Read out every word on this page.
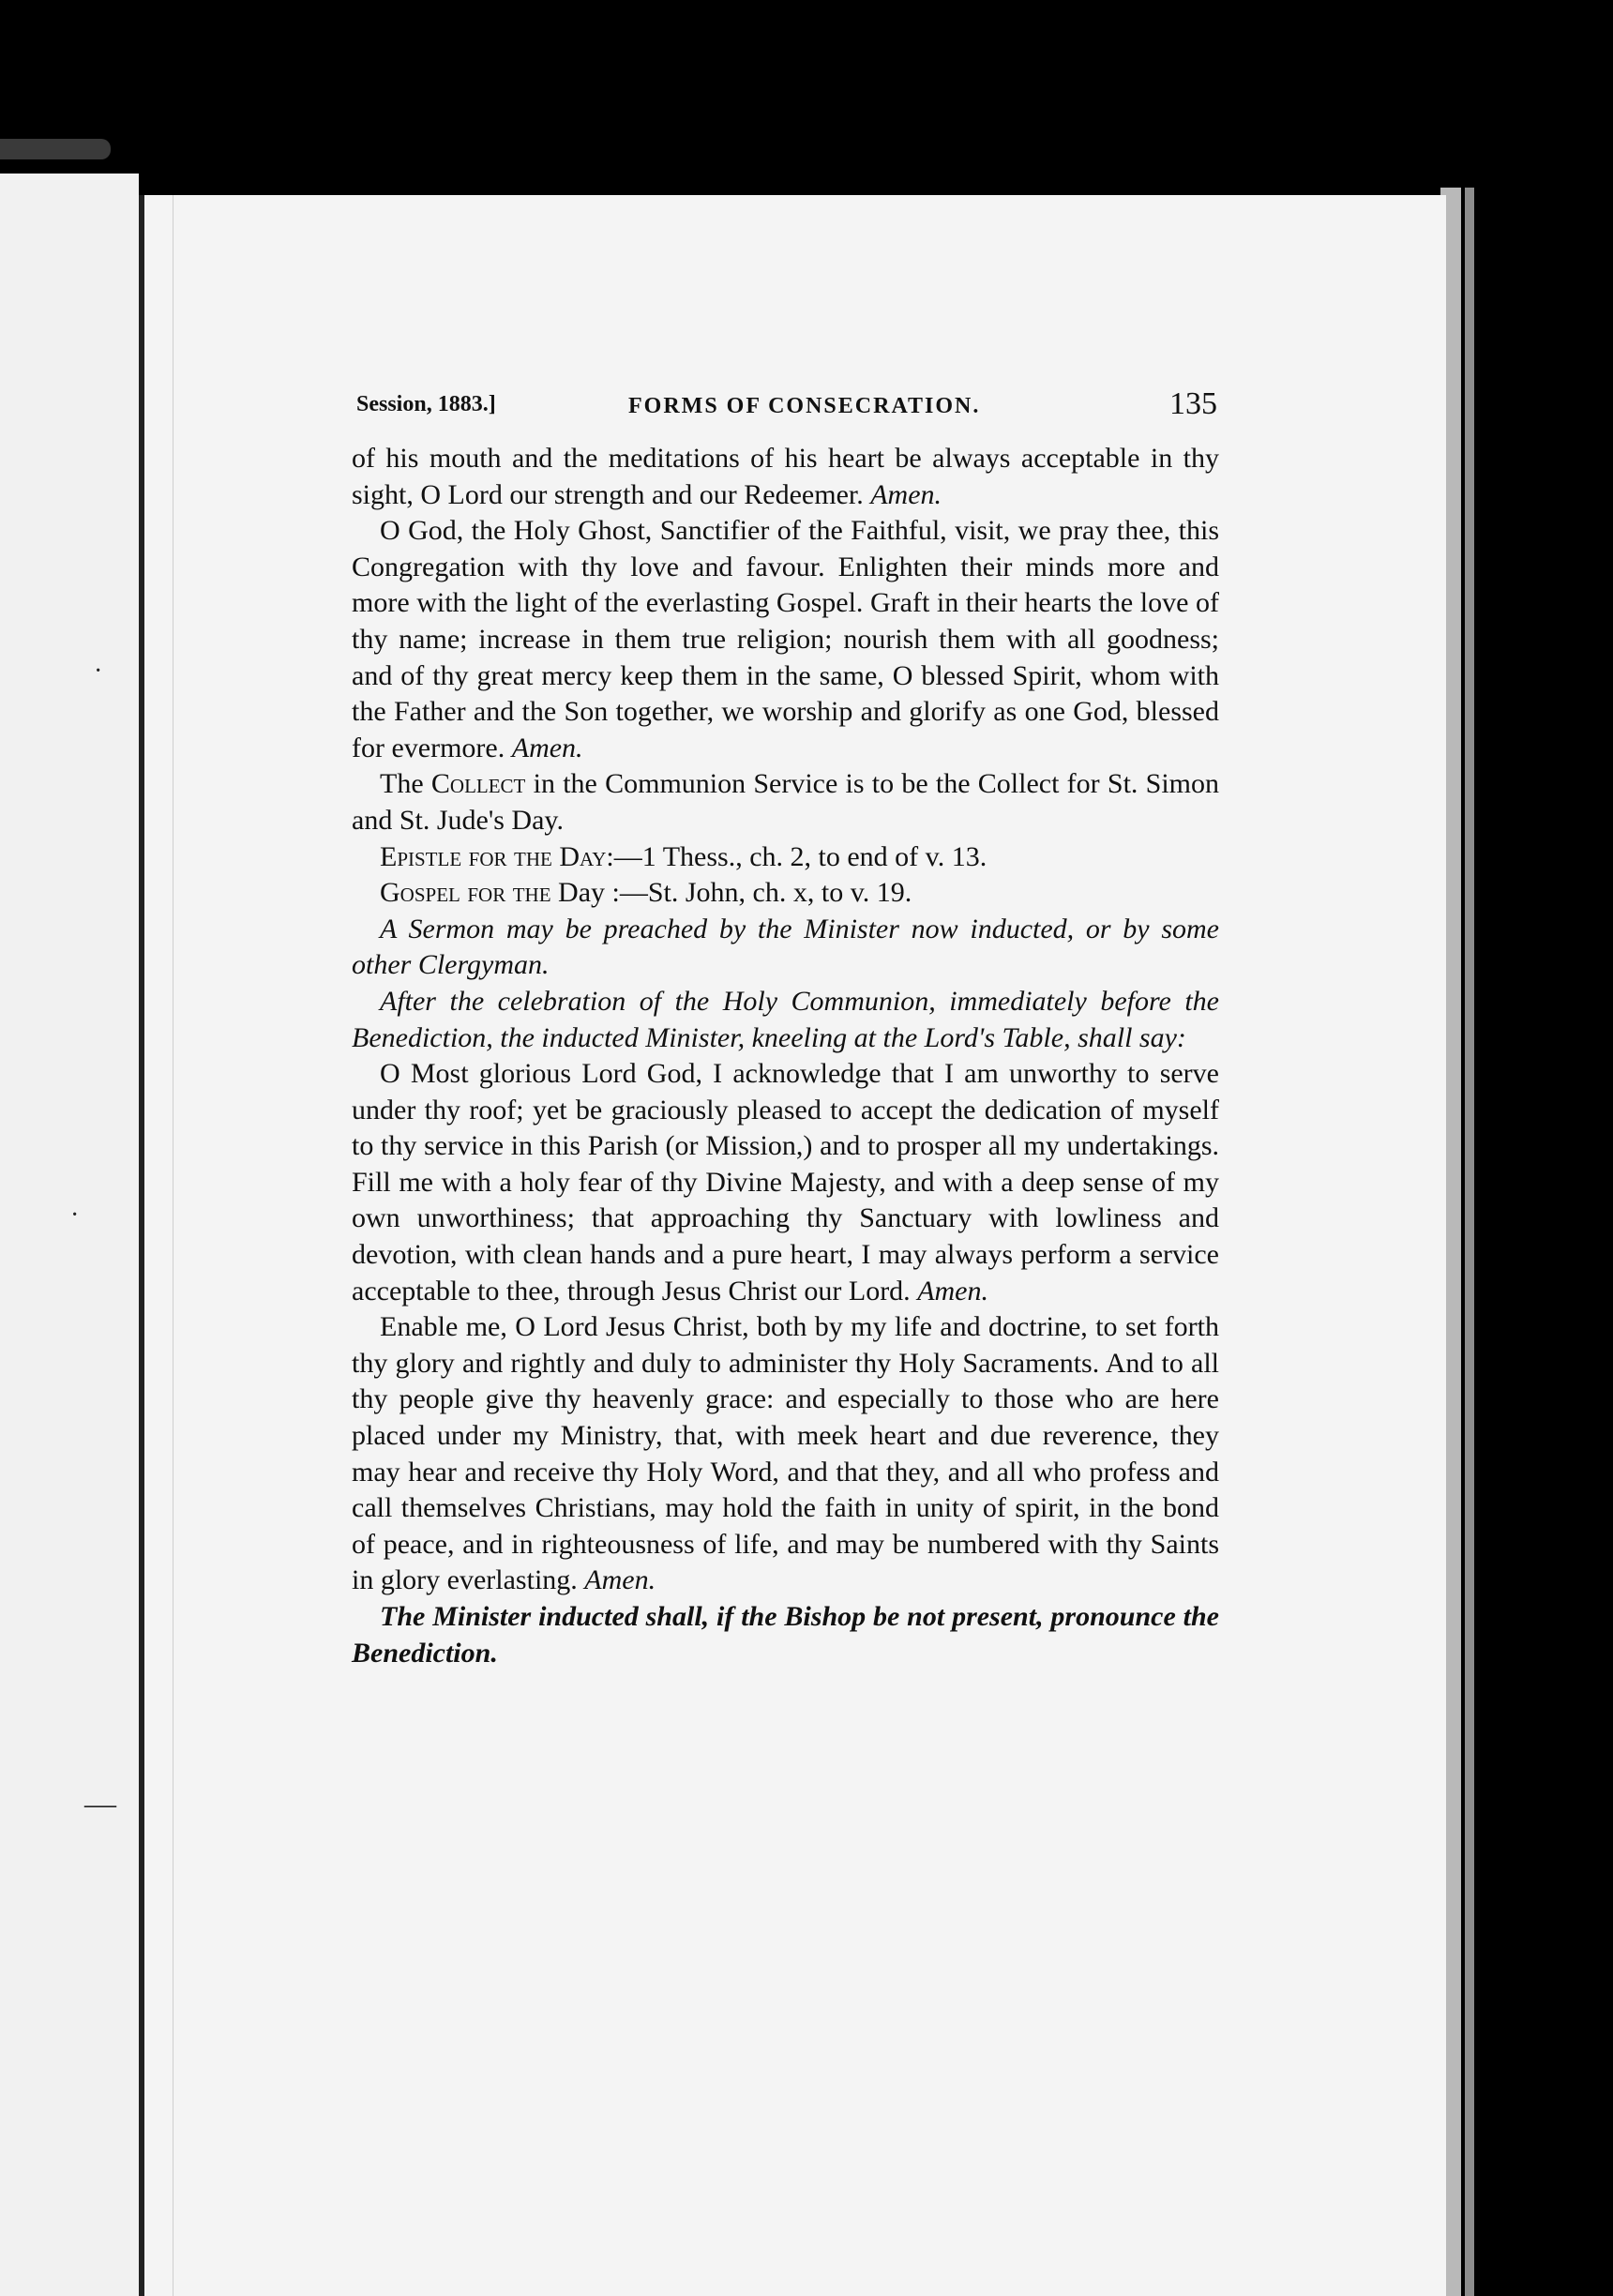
Session, 1883.]	FORMS OF CONSECRATION.	135

of his mouth and the meditations of his heart be always acceptable in thy sight, O Lord our strength and our Redeemer. Amen.

O God, the Holy Ghost, Sanctifier of the Faithful, visit, we pray thee, this Congregation with thy love and favour. Enlighten their minds more and more with the light of the everlasting Gospel. Graft in their hearts the love of thy name; increase in them true religion; nourish them with all goodness; and of thy great mercy keep them in the same, O blessed Spirit, whom with the Father and the Son together, we worship and glorify as one God, blessed for evermore. Amen.

The Collect in the Communion Service is to be the Collect for St. Simon and St. Jude's Day.

Epistle for the Day:—1 Thess., ch. 2, to end of v. 13.

Gospel for the Day :—St. John, ch. x, to v. 19.

A Sermon may be preached by the Minister now inducted, or by some other Clergyman.

After the celebration of the Holy Communion, immediately before the Benediction, the inducted Minister, kneeling at the Lord's Table, shall say:

O Most glorious Lord God, I acknowledge that I am unworthy to serve under thy roof; yet be graciously pleased to accept the dedication of myself to thy service in this Parish (or Mission,) and to prosper all my undertakings. Fill me with a holy fear of thy Divine Majesty, and with a deep sense of my own unworthiness; that approaching thy Sanctuary with lowliness and devotion, with clean hands and a pure heart, I may always perform a service acceptable to thee, through Jesus Christ our Lord. Amen.

Enable me, O Lord Jesus Christ, both by my life and doctrine, to set forth thy glory and rightly and duly to administer thy Holy Sacraments. And to all thy people give thy heavenly grace: and especially to those who are here placed under my Ministry, that, with meek heart and due reverence, they may hear and receive thy Holy Word, and that they, and all who profess and call themselves Christians, may hold the faith in unity of spirit, in the bond of peace, and in righteousness of life, and may be numbered with thy Saints in glory everlasting. Amen.

The Minister inducted shall, if the Bishop be not present, pronounce the Benediction.

·
·
—
